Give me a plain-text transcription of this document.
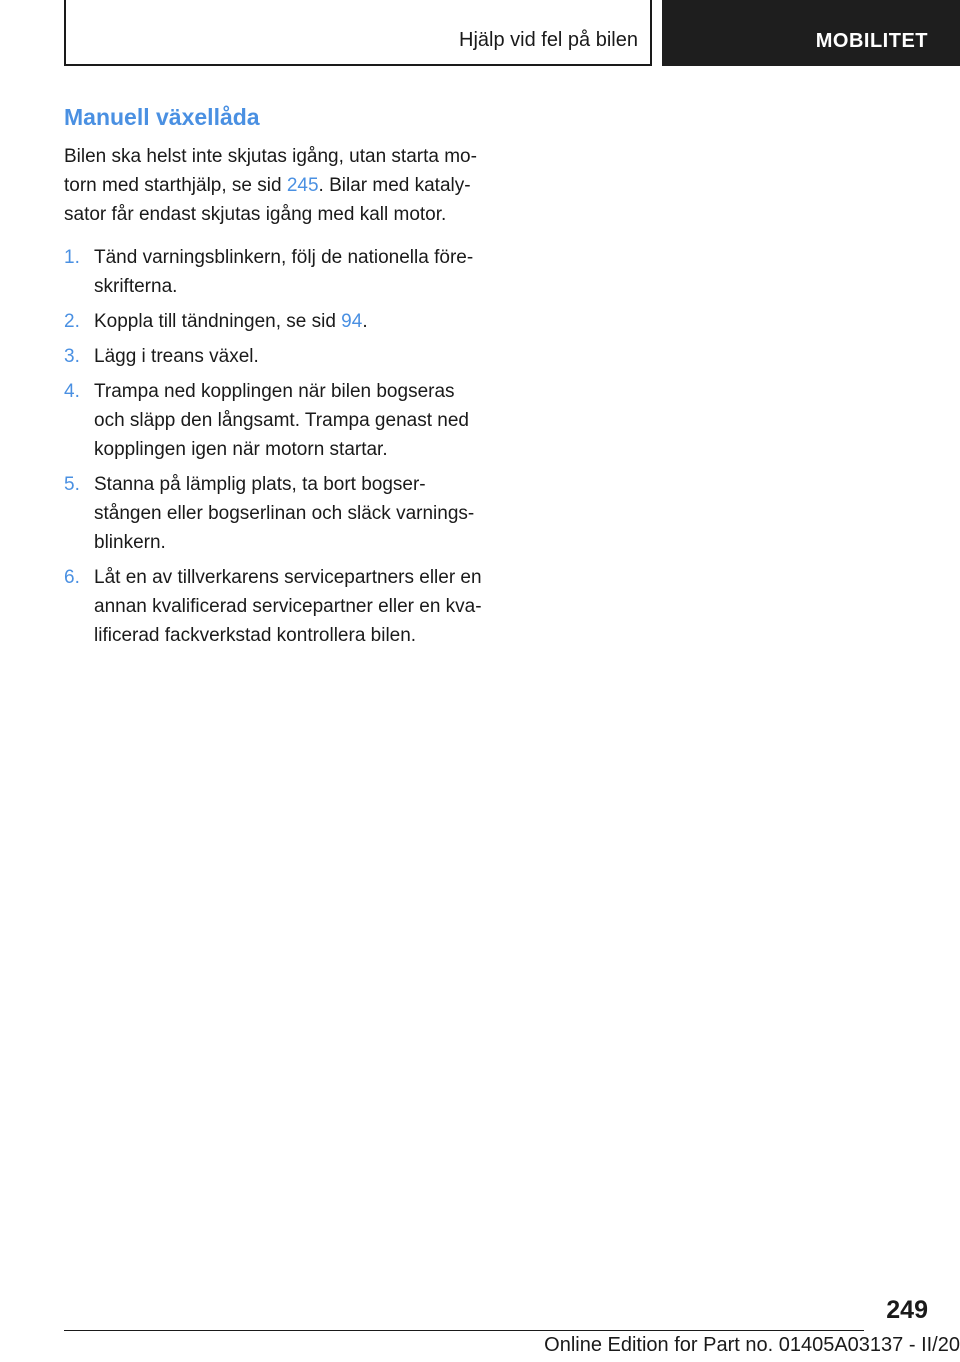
Hjälp vid fel på bilen	MOBILITET
Manuell växellåda

Bilen ska helst inte skjutas igång, utan starta mo-torn med starthjälp, se sid 245. Bilar med kataly-sator får endast skjutas igång med kall motor.

1. Tänd varningsblinkern, följ de nationella före-skrifterna.
2. Koppla till tändningen, se sid 94.
3. Lägg i treans växel.
4. Trampa ned kopplingen när bilen bogseras och släpp den långsamt. Trampa genast ned kopplingen igen när motorn startar.
5. Stanna på lämplig plats, ta bort bogser-stången eller bogserlinan och släck varnings-blinkern.
6. Låt en av tillverkarens servicepartners eller en annan kvalificerad servicepartner eller en kva-lificerad fackverkstad kontrollera bilen.
249
Online Edition for Part no. 01405A03137 - II/20
